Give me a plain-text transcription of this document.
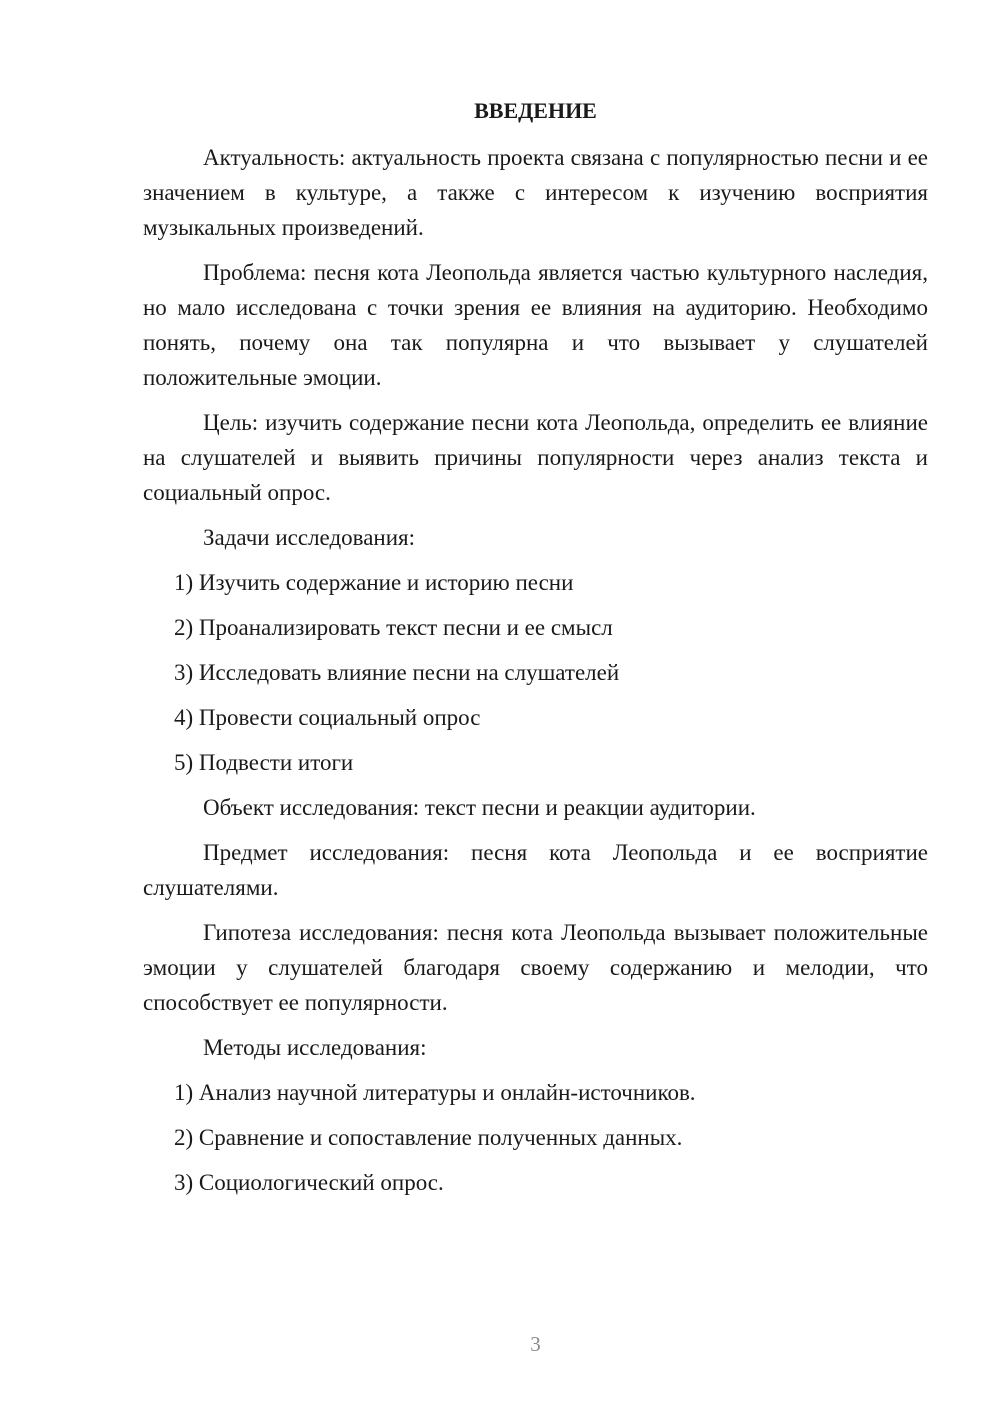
ВВЕДЕНИЕ

Актуальность: актуальность проекта связана с популярностью песни и ее значением в культуре, а также с интересом к изучению восприятия музыкальных произведений.

Проблема: песня кота Леопольда является частью культурного наследия, но мало исследована с точки зрения ее влияния на аудиторию. Необходимо понять, почему она так популярна и что вызывает у слушателей положительные эмоции.

Цель: изучить содержание песни кота Леопольда, определить ее влияние на слушателей и выявить причины популярности через анализ текста и социальный опрос.

Задачи исследования:

1) Изучить содержание и историю песни

2) Проанализировать текст песни и ее смысл

3) Исследовать влияние песни на слушателей

4) Провести социальный опрос

5) Подвести итоги

Объект исследования: текст песни и реакции аудитории.

Предмет исследования: песня кота Леопольда и ее восприятие слушателями.

Гипотеза исследования: песня кота Леопольда вызывает положительные эмоции у слушателей благодаря своему содержанию и мелодии, что способствует ее популярности.

Методы исследования:

1) Анализ научной литературы и онлайн-источников.

2) Сравнение и сопоставление полученных данных.

3) Социологический опрос.

3
